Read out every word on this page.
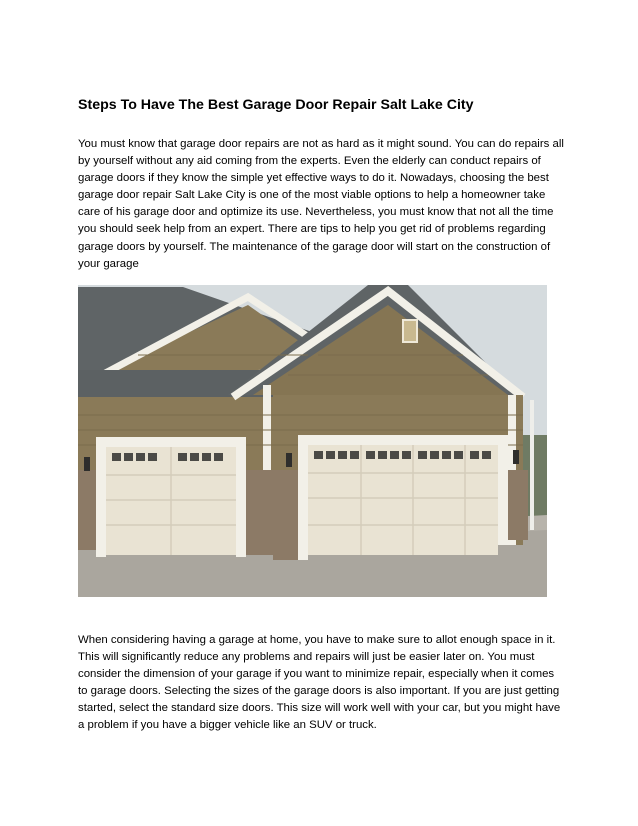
Steps To Have The Best Garage Door Repair Salt Lake City
You must know that garage door repairs are not as hard as it might sound. You can do repairs all
by yourself without any aid coming from the experts. Even the elderly can conduct repairs of
garage doors if they know the simple yet effective ways to do it. Nowadays, choosing the best
garage door repair Salt Lake City is one of the most viable options to help a homeowner take
care of his garage door and optimize its use. Nevertheless, you must know that not all the time
you should seek help from an expert. There are tips to help you get rid of problems regarding
garage doors by yourself. The maintenance of the garage door will start on the construction of
your garage
When considering having a garage at home, you have to make sure to allot enough space in it.
This will significantly reduce any problems and repairs will just be easier later on. You must
consider the dimension of your garage if you want to minimize repair, especially when it comes
to garage doors. Selecting the sizes of the garage doors is also important. If you are just getting
started, select the standard size doors. This size will work well with your car, but you might have
a problem if you have a bigger vehicle like an SUV or truck.
